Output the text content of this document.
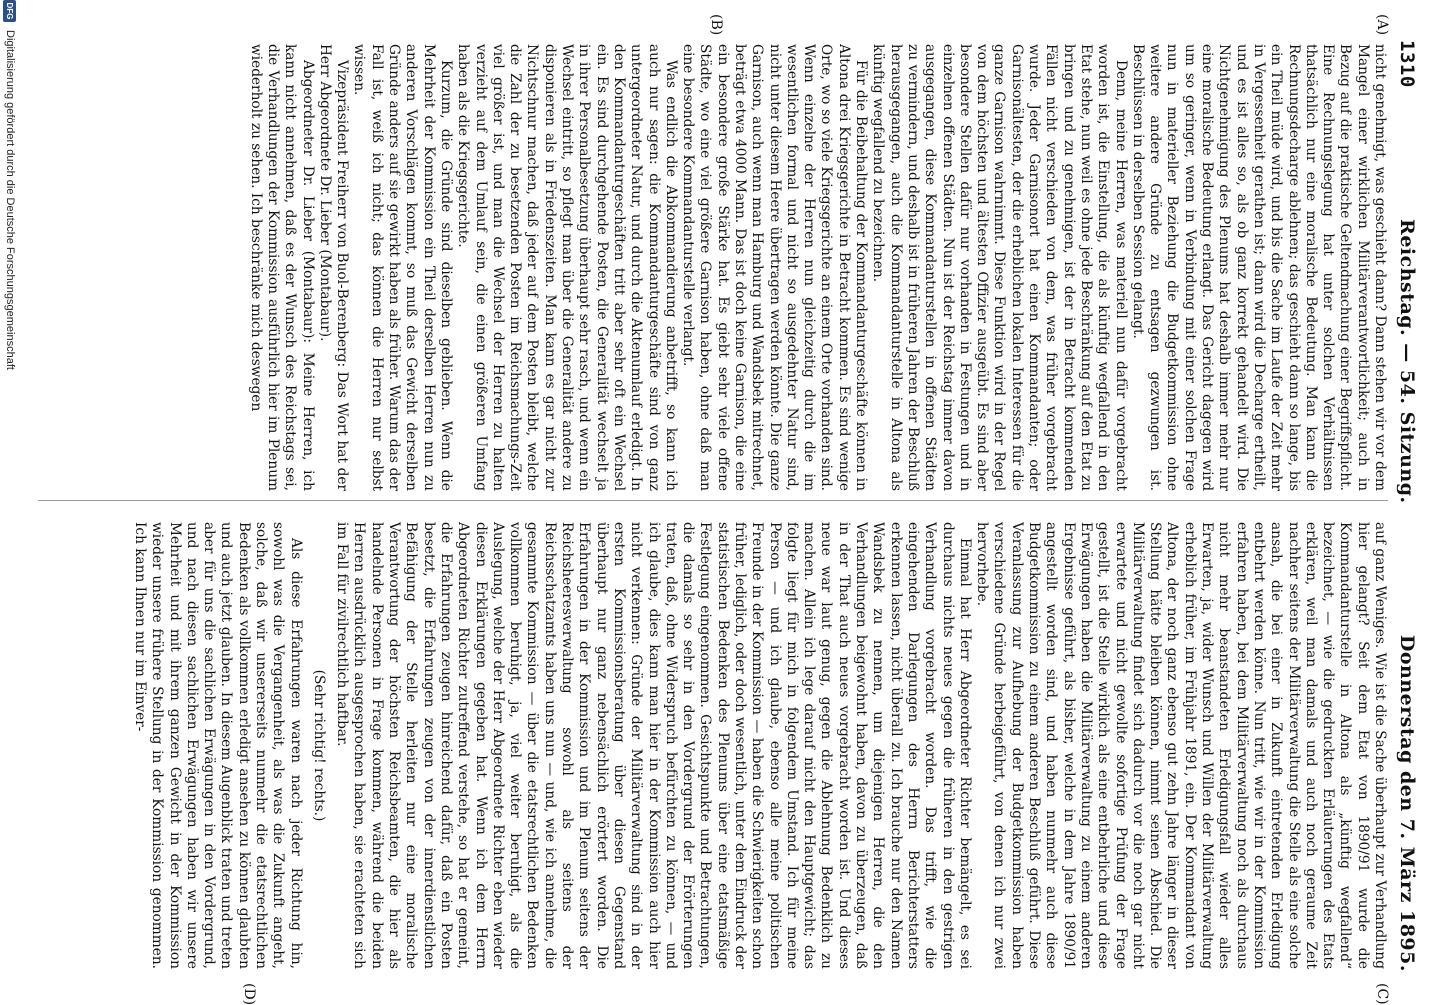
1310
Reichstag. — 54. Sitzung.
Donnerstag den 7. März 1895.
(A)
(B)
(C)
(D)

nicht genehmigt, was geschieht dann? Dann stehen wir vor dem Mangel einer wirklichen Militärverantwortlichkeit; auch in Bezug auf die praktische Geltendmachung einer Begriffspflicht. Eine Rechnungslegung hat unter solchen Verhältnissen thatsächlich nur eine moralische Bedeutung. Man kann die Rechnungsdecharge ablehnen; das geschieht dann so lange, bis ein Theil müde wird, und bis die Sache im Laufe der Zeit mehr in Vergessenheit gerathen ist; dann wird die Decharge ertheilt, und es ist alles so, als ob ganz korrekt gehandelt wird. Die Nichtgenehmigung des Plenums hat deshalb immer mehr nur eine moralische Bedeutung erlangt. Das Gericht dagegen wird um so geringer, wenn in Verbindung mit einer solchen Frage nun in materieller Beziehung die Budgetkommission ohne weitere andere Gründe zu entsagen gezwungen ist. Beschlüssen in derselben Session gelangt.

Denn, meine Herren, was materiell nun dafür vorgebracht worden ist, die Einstellung, die als künftig wegfallend in den Etat stehe, nun weil es ohne jede Beschränkung auf den Etat zu bringen und zu genehmigen, ist der in Betracht kommenden Fällen nicht verschieden von dem, was früher vorgebracht wurde. Jeder Garnisonort hat einen Kommandanten; oder Garnisonältesten, der die erheblichen lokalen Interessen für die ganze Garnison wahrnimmt. Diese Funktion wird in der Regel von dem höchsten und ältesten Offizier ausgeübt. Es sind aber besondere Stellen dafür nur vorhanden in Festungen und in einzelnen offenen Städten. Nun ist der Reichstag immer davon ausgegangen, diese Kommandanturstellen in offenen Städten zu vermindern, und deshalb ist in früheren Jahren der Beschluß herausgegangen, auch die Kommandanturstelle in Altona als künftig wegfallend zu bezeichnen.

Für die Beibehaltung der Kommandanturgeschäfte können in Altona drei Kriegsgerichte in Betracht kommen. Es sind wenige Orte, wo so viele Kriegsgerichte an einem Orte vorhanden sind. Wenn einzelne der Herren nun gleichzeitig durch die im wesentlichen formal und nicht so ausgedehnter Natur sind, nicht unter diesem Heere übertragen werden könnte. Die ganze Garnison, auch wenn man Hamburg und Wandsbek mitrechnet, beträgt etwa 4000 Mann. Das ist doch keine Garnison, die eine ein besondere große Stärke hat. Es giebt sehr viele offene Städte, wo eine viel größere Garnison haben, ohne daß man eine besondere Kommandanturstelle verlangt.

Was endlich die Abkommandierung anbetrifft, so kann ich auch nur sagen: die Kommandanturgeschäfte sind von ganz untergeordneter Natur, und durch die Aktenumlauf erledigt. In den Kommandanturgeschäften tritt aber sehr oft ein Wechsel ein. Es sind durchgehende Posten, die Generalität wechselt ja in ihrer Personalbesetzung überhaupt sehr rasch, und wenn ein Wechsel eintritt, so pflegt man über die Generalität andere zu disponieren als in Friedenszeiten. Man kann es gar nicht zur Nichtschnur machen, daß jeder auf dem Posten bleibt, welche die Zahl der zu besetzenden Posten im Reichsmachungs-Zeit viel größer ist, und man die Wechsel der Herren zu halten verzieht auf dem Umlauf sein, die einen größeren Umfang haben als die Kriegsgerichte.

Kurzum, die Gründe sind dieselben geblieben. Wenn die Mehrheit der Kommission ein Theil derselben Herren nun zu anderen Vorschlägen kommt, so muß das Gewicht derselben Gründe anders auf sie gewirkt haben als früher. Warum das der Fall ist, weiß ich nicht; das können die Herren nur selbst wissen.

Vizepräsident Freiherr von Buol-Berenberg: Das Wort hat der Herr Abgeordnete Dr. Lieber (Montabaur).

Abgeordneter Dr. Lieber (Montabaur): Meine Herren, ich kann nicht annehmen, daß es der Wunsch des Reichstags sei, die Verhandlungen der Kommission ausführlich hier im Plenum wiederholt zu sehen. Ich beschränke mich deswegen

auf ganz Weniges. Wie ist die Sache überhaupt zur Verhandlung hier gelangt? Seit dem Etat von 1890/91 wurde die Kommandanturstelle in Altona als „künftig wegfallend“ bezeichnet, — wie die gedruckten Erläuterungen des Etats erklären, weil man damals und auch noch geraume Zeit nachher seitens der Militärverwaltung die Stelle als eine solche ansah, die bei einer in Zukunft eintretenden Erledigung entbehrt werden könne. Nun tritt, wie wir in der Kommission erfahren haben, bei dem Militärverwaltung noch als durchaus nicht mehr beanstandeten Erledigungsfall wieder alles Erwarten, ja, wider Wunsch und Willen der Militärverwaltung erheblich früher, im Frühjahr 1891, ein. Der Kommandant von Altona, der noch ganz ebenso gut zehn Jahre länger in dieser Stellung hätte bleiben können, nimmt seinen Abschied. Die Militärverwaltung findet sich dadurch vor die noch gar nicht erwartete und nicht gewollte sofortige Prüfung der Frage gestellt, ist die Stelle wirklich als eine entbehrliche und diese Erwägungen haben die Militärverwaltung zu einem anderen Ergebnisse geführt, als bisher, welche in dem Jahre 1890/91 angestellt worden sind, und haben nunmehr auch diese Budgetkommission zu einem anderen Beschluß geführt. Diese Veranlassung zur Aufhebung der Budgetkommission haben verschiedene Gründe herbeigeführt, von denen ich nur zwei hervorhebe.

Einmal hat Herr Abgeordneter Richter bemängelt, es sei durchaus nichts neues gegen die früheren in den gestrigen Verhandlung vorgebracht worden. Das trifft, wie die eingehenden Darlegungen des Herrn Berichterstatters erkennen lassen, nicht überall zu. Ich brauche nur den Namen Wandsbek zu nennen, um diejenigen Herren, die den Verhandlungen beigewohnt haben, davon zu überzeugen, daß in der That auch neues vorgebracht worden ist. Und dieses neue war laut genug, gegen die Ablehnung Bedenklich zu machen. Allein ich lege darauf nicht den Hauptgewicht; das folgte liegt für mich in folgendem Umstand. Ich für meine Person — und ich glaube, ebenso alle meine politischen Freunde in der Kommission — haben die Schwierigkeiten schon früher, lediglich, oder doch wesentlich, unter dem Eindruck der statistischen Bedenken des Plenums über eine etatsmäßige Festlegung eingenommen. Gesichtspunkte und Betrachtungen, die damals so sehr in den Vordergrund der Erörterungen traten, daß, ohne Widerspruch befürchten zu können, — und ich glaube, dies kann man hier in der Kommission auch hier nicht verkennen: Gründe der Militärverwaltung sind in der ersten Kommissionsberatung über diesen Gegenstand überhaupt nur ganz nebensächlich erörtert worden. Die Erfahrungen in der Kommission und im Plenum seitens der Reichsheeresverwaltung sowohl als seitens der Reichsschatzamts haben uns nun — und, wie ich annehme, die gesammte Kommission — über die etatsrechtlichen Bedenken vollkommen beruhigt, ja, viel weiter beruhigt, als die Auslegung, welche der Herr Abgeordnete Richter eben wieder diesen Erklärungen gegeben hat. Wenn ich dem Herrn Abgeordneten Richter zutreffend verstehe, so hat er gemeint, die Erfahrungen zeugen hinreichend dafür, daß ein Posten besetzt, die Erfahrungen zeugen von der innerdienstlichen Befähigung der Stelle herleiten nur eine moralische Verantwortung der höchsten Reichsbeamten, die hier als handelnde Personen in Frage kommen, während die beiden Herren ausdrücklich ausgesprochen haben, sie erachteten sich im Fall für zivilrechtlich haftbar.

(Sehr richtig! rechts.)

Als diese Erfahrungen waren nach jeder Richtung hin, sowohl was die Vergangenheit, als was die Zukunft angeht, solche, daß wir unsererseits nunmehr die etatsrechtlichen Bedenken als vollkommen erledigt ansehen zu können glaubten und auch jetzt glauben. In diesem Augenblick traten und treten aber für uns die sachlichen Erwägungen in den Vordergrund, und nach diesen sachlichen Erwägungen haben wir unsere Mehrheit und mit ihrem ganzen Gewicht in der Kommission wieder unsere frühere Stellung in der Kommission genommen. Ich kann Ihnen nur im Einver-

DFG
Digitalisierung gefördert durch die Deutsche Forschungsgemeinschaft
